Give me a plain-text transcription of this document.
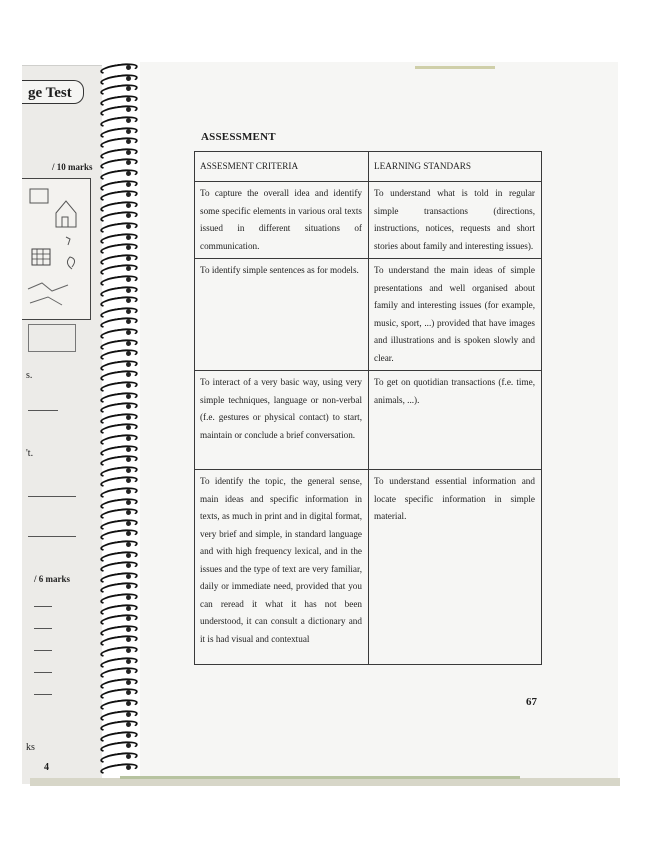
ge Test
/ 10 marks
s.
't.
/ 6 marks
ks
4
ASSESSMENT
ASSESMENT CRITERIA	LEARNING STANDARS
To capture the overall idea and identify some specific elements in various oral texts issued in different situations of communication.	To understand what is told in regular simple transactions (directions, instructions, notices, requests and short stories about family and interesting issues).
To identify simple sentences as for models.	To understand the main ideas of simple presentations and well organised about family and interesting issues (for example, music, sport, ...) provided that have images and illustrations and is spoken slowly and clear.
To interact of a very basic way, using very simple techniques, language or non-verbal (f.e. gestures or physical contact) to start, maintain or conclude a brief conversation.	To get on quotidian transactions (f.e. time, animals, ...).
To identify the topic, the general sense, main ideas and specific information in texts, as much in print and in digital format, very brief and simple, in standard language and with high frequency lexical, and in the issues and the type of text are very familiar, daily or immediate need, provided that you can reread it what it has not been understood, it can consult a dictionary and it is had visual and contextual	To understand essential information and locate specific information in simple material.
67
